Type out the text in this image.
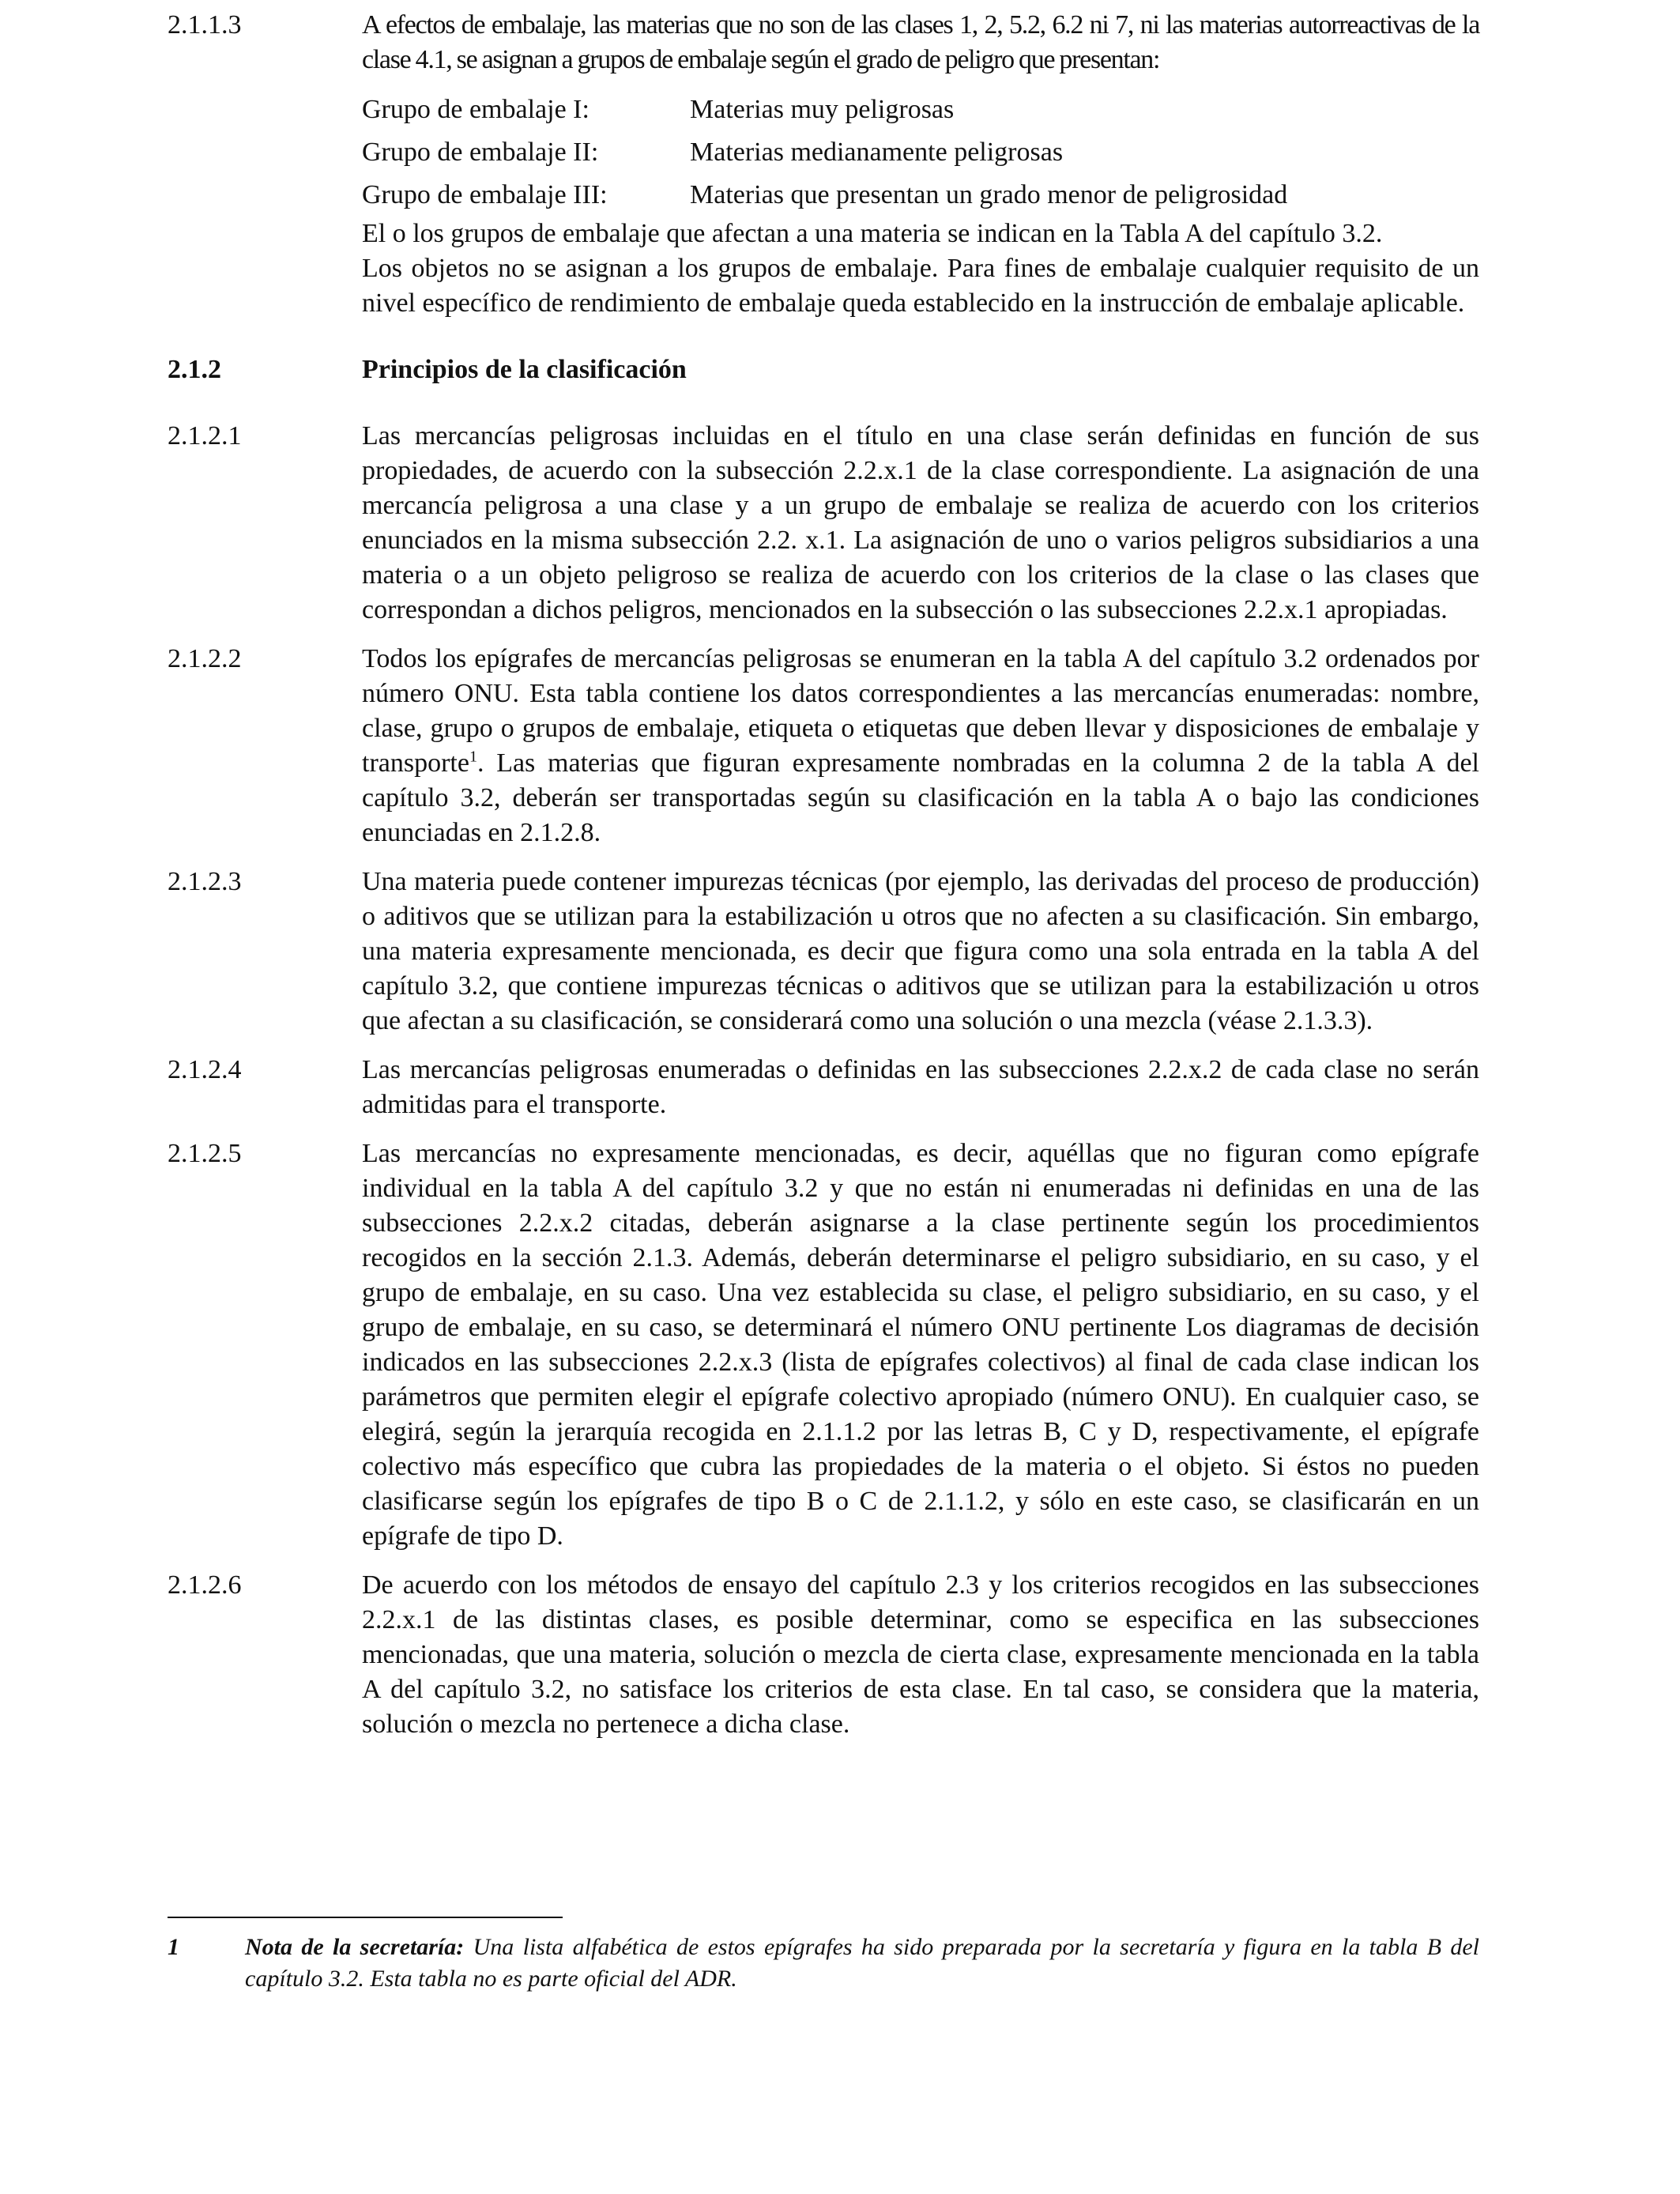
2.1.1.3	A efectos de embalaje, las materias que no son de las clases 1, 2, 5.2, 6.2 ni 7, ni las materias autorreactivas de la clase 4.1, se asignan a grupos de embalaje según el grado de peligro que presentan:

Grupo de embalaje I:	Materias muy peligrosas
Grupo de embalaje II:	Materias medianamente peligrosas
Grupo de embalaje III:	Materias que presentan un grado menor de peligrosidad

El o los grupos de embalaje que afectan a una materia se indican en la Tabla A del capítulo 3.2.

Los objetos no se asignan a los grupos de embalaje. Para fines de embalaje cualquier requisito de un nivel específico de rendimiento de embalaje queda establecido en la instrucción de embalaje aplicable.

2.1.2	Principios de la clasificación
2.1.2.1	Las mercancías peligrosas incluidas en el título en una clase serán definidas en función de sus propiedades, de acuerdo con la subsección 2.2.x.1 de la clase correspondiente. La asignación de una mercancía peligrosa a una clase y a un grupo de embalaje se realiza de acuerdo con los criterios enunciados en la misma subsección 2.2. x.1. La asignación de uno o varios peligros subsidiarios a una materia o a un objeto peligroso se realiza de acuerdo con los criterios de la clase o las clases que correspondan a dichos peligros, mencionados en la subsección o las subsecciones 2.2.x.1 apropiadas.
2.1.2.2	Todos los epígrafes de mercancías peligrosas se enumeran en la tabla A del capítulo 3.2 ordenados por número ONU. Esta tabla contiene los datos correspondientes a las mercancías enumeradas: nombre, clase, grupo o grupos de embalaje, etiqueta o etiquetas que deben llevar y disposiciones de embalaje y transporte$^1$. Las materias que figuran expresamente nombradas en la columna 2 de la tabla A del capítulo 3.2, deberán ser transportadas según su clasificación en la tabla A o bajo las condiciones enunciadas en 2.1.2.8.
2.1.2.3	Una materia puede contener impurezas técnicas (por ejemplo, las derivadas del proceso de producción) o aditivos que se utilizan para la estabilización u otros que no afecten a su clasificación. Sin embargo, una materia expresamente mencionada, es decir que figura como una sola entrada en la tabla A del capítulo 3.2, que contiene impurezas técnicas o aditivos que se utilizan para la estabilización u otros que afectan a su clasificación, se considerará como una solución o una mezcla (véase 2.1.3.3).
2.1.2.4	Las mercancías peligrosas enumeradas o definidas en las subsecciones 2.2.x.2 de cada clase no serán admitidas para el transporte.
2.1.2.5	Las mercancías no expresamente mencionadas, es decir, aquéllas que no figuran como epígrafe individual en la tabla A del capítulo 3.2 y que no están ni enumeradas ni definidas en una de las subsecciones 2.2.x.2 citadas, deberán asignarse a la clase pertinente según los procedimientos recogidos en la sección 2.1.3. Además, deberán determinarse el peligro subsidiario, en su caso, y el grupo de embalaje, en su caso. Una vez establecida su clase, el peligro subsidiario, en su caso, y el grupo de embalaje, en su caso, se determinará el número ONU pertinente Los diagramas de decisión indicados en las subsecciones 2.2.x.3 (lista de epígrafes colectivos) al final de cada clase indican los parámetros que permiten elegir el epígrafe colectivo apropiado (número ONU). En cualquier caso, se elegirá, según la jerarquía recogida en 2.1.1.2 por las letras B, C y D, respectivamente, el epígrafe colectivo más específico que cubra las propiedades de la materia o el objeto. Si éstos no pueden clasificarse según los epígrafes de tipo B o C de 2.1.1.2, y sólo en este caso, se clasificarán en un epígrafe de tipo D.
2.1.2.6	De acuerdo con los métodos de ensayo del capítulo 2.3 y los criterios recogidos en las subsecciones 2.2.x.1 de las distintas clases, es posible determinar, como se especifica en las subsecciones mencionadas, que una materia, solución o mezcla de cierta clase, expresamente mencionada en la tabla A del capítulo 3.2, no satisface los criterios de esta clase. En tal caso, se considera que la materia, solución o mezcla no pertenece a dicha clase.
1	Nota de la secretaría: Una lista alfabética de estos epígrafes ha sido preparada por la secretaría y figura en la tabla B del capítulo 3.2. Esta tabla no es parte oficial del ADR.
